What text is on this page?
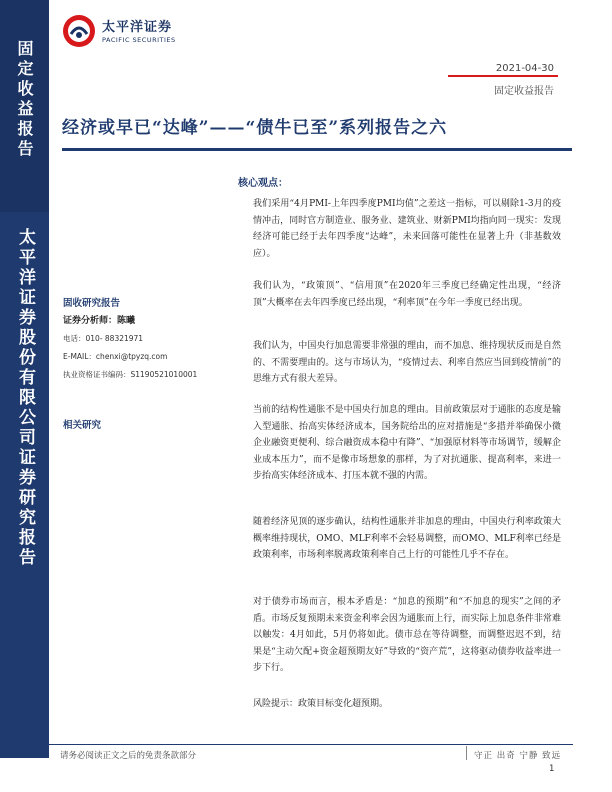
固定收益报告
太平洋证券股份有限公司证券研究报告
太平洋证券
PACIFIC SECURITIES
2021-04-30
固定收益报告
经济或早已“达峰”——“债牛已至”系列报告之六
固收研究报告
证券分析师：陈曦
电话：010- 88321971
E-MAIL：chenxi@tpyzq.com
执业资格证书编码：S1190521010001
相关研究
核心观点：

我们采用“4月PMI-上年四季度PMI均值”之差这一指标，可以剔除1-3月的疫情冲击，同时官方制造业、服务业、建筑业、财新PMI均指向同一现实：发现经济可能已经于去年四季度“达峰”，未来回落可能性在显著上升（非基数效应）。

我们认为，“政策顶”、“信用顶”在2020年三季度已经确定性出现，“经济顶”大概率在去年四季度已经出现，“利率顶”在今年一季度已经出现。

我们认为，中国央行加息需要非常强的理由，而不加息、维持现状反而是自然的、不需要理由的。这与市场认为，“疫情过去、利率自然应当回到疫情前”的思维方式有很大差异。

当前的结构性通胀不是中国央行加息的理由。目前政策层对于通胀的态度是输入型通胀、抬高实体经济成本，国务院给出的应对措施是“多措并举确保小微企业融资更便利、综合融资成本稳中有降”、“加强原材料等市场调节，缓解企业成本压力”，而不是像市场想象的那样，为了对抗通胀、提高利率，来进一步抬高实体经济成本、打压本就不强的内需。

随着经济见顶的逐步确认，结构性通胀并非加息的理由，中国央行利率政策大概率维持现状，OMO、MLF利率不会轻易调整，而OMO、MLF利率已经是政策利率，市场利率脱离政策利率自己上行的可能性几乎不存在。

对于债券市场而言，根本矛盾是：“加息的预期”和“不加息的现实”之间的矛盾。市场反复预期未来资金利率会因为通胀而上行，而实际上加息条件非常难以触发：4月如此，5月仍将如此。债市总在等待调整，而调整迟迟不到，结果是“主动欠配+资金超预期友好”导致的“资产荒”，这将驱动债券收益率进一步下行。

风险提示：政策目标变化超预期。

请务必阅读正文之后的免责条款部分	守正 出奇 宁静 致远
1
